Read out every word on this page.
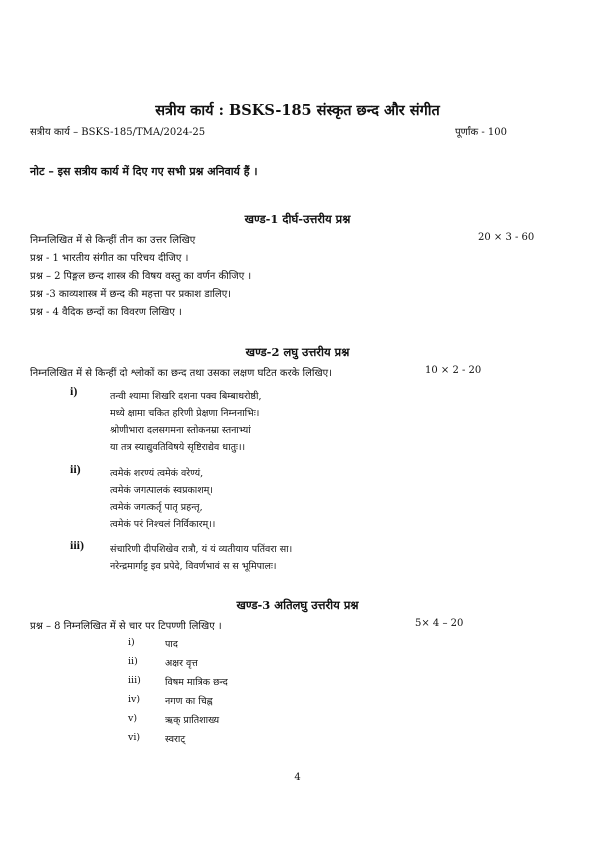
सत्रीय कार्य : BSKS-185 संस्कृत छन्द और संगीत
सत्रीय कार्य – BSKS-185/TMA/2024-25	पूर्णांक - 100
नोट – इस सत्रीय कार्य में दिए गए सभी प्रश्न अनिवार्य हैं ।
खण्ड-1 दीर्घ-उत्तरीय प्रश्न
निम्नलिखित में से किन्हीं तीन का उत्तर लिखिए	20 × 3 - 60
प्रश्न - 1 भारतीय संगीत का परिचय दीजिए ।
प्रश्न – 2 पिङ्गल छन्द शास्त्र की विषय वस्तु का वर्णन कीजिए ।
प्रश्न -3 काव्यशास्त्र में छन्द की महत्ता पर प्रकाश डालिए।
प्रश्न - 4 वैदिक छन्दों का विवरण लिखिए ।
खण्ड-2 लघु उत्तरीय प्रश्न
निम्नलिखित में से किन्हीं दो श्लोकों का छन्द तथा उसका लक्षण घटित करके लिखिए।	10 × 2 - 20
i)	तन्वी श्यामा शिखरि दशना पक्व बिम्बाधरोष्ठी,
मध्ये क्षामा चकित हरिणी प्रेक्षणा निम्ननाभिः।
श्रोणीभारा दलसगमना स्तोकनम्रा स्तनाभ्यां
या तत्र स्याद्युवतिविषये सृष्टिराद्येव धातुः।।
ii)	त्वमेकं शरण्यं त्वमेकं वरेण्यं,
त्वमेकं जगत्पालकं स्वप्रकाशम्।
त्वमेकं जगत्कर्तृ पातृ प्रहन्तृ,
त्वमेकं परं निश्चलं निर्विकारम्।।
iii)	संचारिणी दीपशिखेव रात्रौ, यं यं व्यतीयाय पतिंवरा सा।
नरेन्द्रमार्गाट्ट इव प्रपेदे, विवर्णभावं स स भूमिपालः।
खण्ड-3 अतिलघु उत्तरीय प्रश्न
प्रश्न – 8 निम्नलिखित में से चार पर टिपण्णी लिखिए ।	5× 4 – 20
i)	पाद
ii)	अक्षर वृत्त
iii)	विषम मात्रिक छन्द
iv)	नगण का चिह्न
v)	ऋक् प्रातिशाख्य
vi)	स्वराट्
4
